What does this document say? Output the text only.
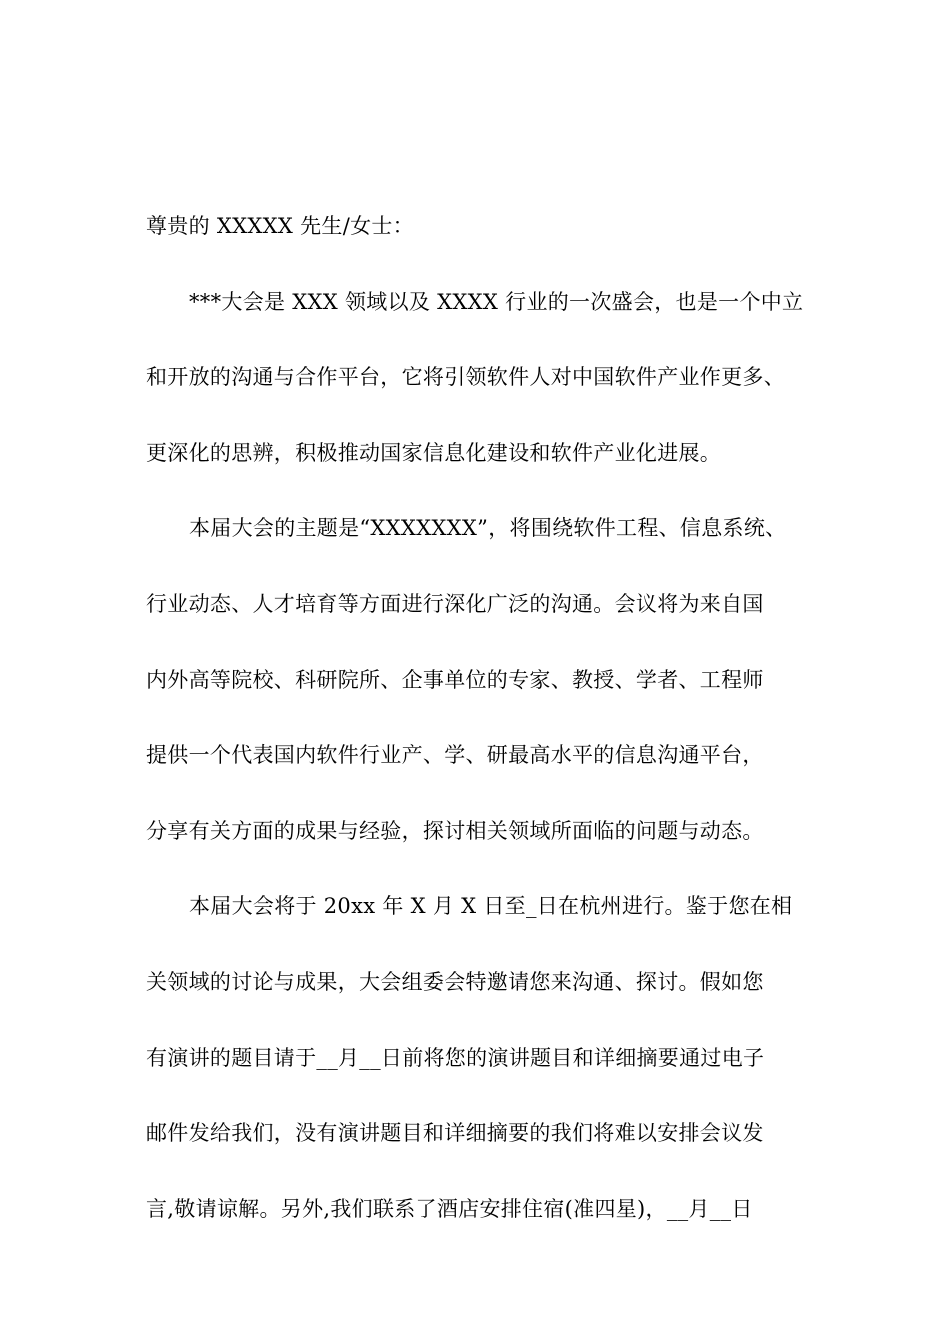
尊贵的 XXXXX 先生/女士：
***大会是 XXX 领域以及 XXXX 行业的一次盛会，也是一个中立
和开放的沟通与合作平台，它将引领软件人对中国软件产业作更多、
更深化的思辨，积极推动国家信息化建设和软件产业化进展。
本届大会的主题是“XXXXXXX”，将围绕软件工程、信息系统、
行业动态、人才培育等方面进行深化广泛的沟通。会议将为来自国
内外高等院校、科研院所、企事单位的专家、教授、学者、工程师
提供一个代表国内软件行业产、学、研最高水平的信息沟通平台，
分享有关方面的成果与经验，探讨相关领域所面临的问题与动态。
本届大会将于 20xx 年 X 月 X 日至_日在杭州进行。鉴于您在相
关领域的讨论与成果，大会组委会特邀请您来沟通、探讨。假如您
有演讲的题目请于__月__日前将您的演讲题目和详细摘要通过电子
邮件发给我们，没有演讲题目和详细摘要的我们将难以安排会议发
言,敬请谅解。另外,我们联系了酒店安排住宿(准四星)，__月__日
